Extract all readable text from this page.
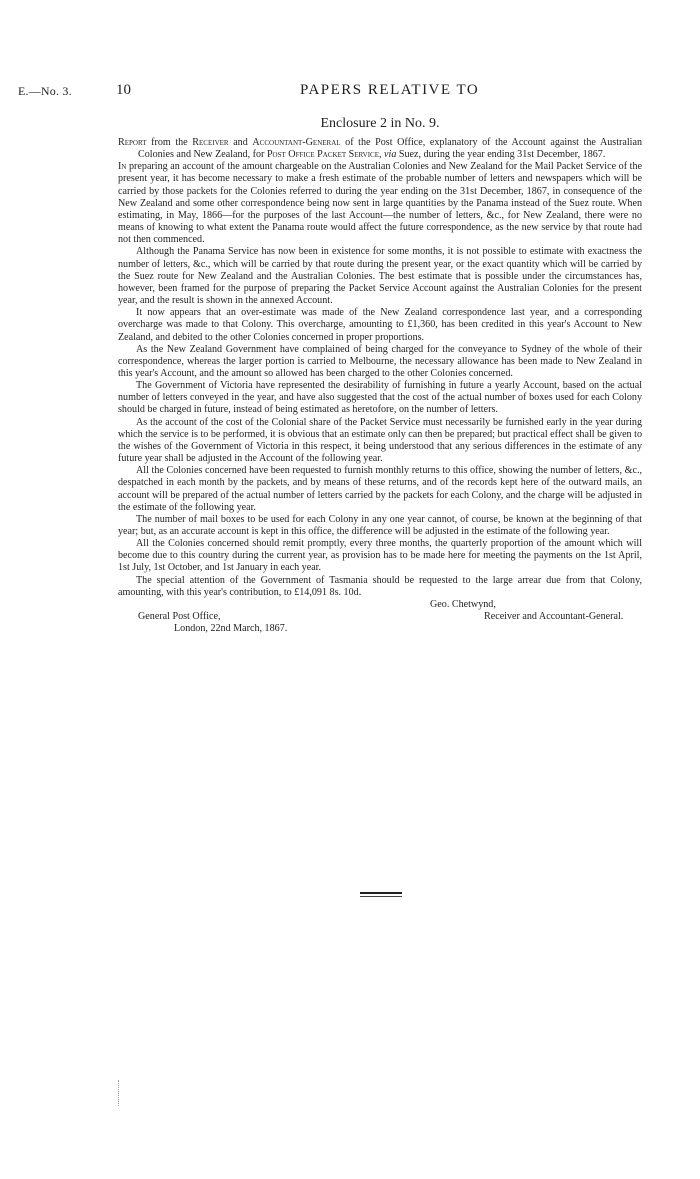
E.—No. 3.	10	PAPERS RELATIVE TO
Enclosure 2 in No. 9.

Report from the Receiver and Accountant-General of the Post Office, explanatory of the Account against the Australian Colonies and New Zealand, for Post Office Packet Service, via Suez, during the year ending 31st December, 1867.

In preparing an account of the amount chargeable on the Australian Colonies and New Zealand for the Mail Packet Service of the present year, it has become necessary to make a fresh estimate of the probable number of letters and newspapers which will be carried by those packets for the Colonies referred to during the year ending on the 31st December, 1867, in consequence of the New Zealand and some other correspondence being now sent in large quantities by the Panama instead of the Suez route. When estimating, in May, 1866—for the purposes of the last Account—the number of letters, &c., for New Zealand, there were no means of knowing to what extent the Panama route would affect the future correspondence, as the new service by that route had not then commenced.

Although the Panama Service has now been in existence for some months, it is not possible to estimate with exactness the number of letters, &c., which will be carried by that route during the present year, or the exact quantity which will be carried by the Suez route for New Zealand and the Australian Colonies. The best estimate that is possible under the circumstances has, however, been framed for the purpose of preparing the Packet Service Account against the Australian Colonies for the present year, and the result is shown in the annexed Account.

It now appears that an over-estimate was made of the New Zealand correspondence last year, and a corresponding overcharge was made to that Colony. This overcharge, amounting to £1,360, has been credited in this year's Account to New Zealand, and debited to the other Colonies concerned in proper proportions.

As the New Zealand Government have complained of being charged for the conveyance to Sydney of the whole of their correspondence, whereas the larger portion is carried to Melbourne, the necessary allowance has been made to New Zealand in this year's Account, and the amount so allowed has been charged to the other Colonies concerned.

The Government of Victoria have represented the desirability of furnishing in future a yearly Account, based on the actual number of letters conveyed in the year, and have also suggested that the cost of the actual number of boxes used for each Colony should be charged in future, instead of being estimated as heretofore, on the number of letters.

As the account of the cost of the Colonial share of the Packet Service must necessarily be furnished early in the year during which the service is to be performed, it is obvious that an estimate only can then be prepared; but practical effect shall be given to the wishes of the Government of Victoria in this respect, it being understood that any serious differences in the estimate of any future year shall be adjusted in the Account of the following year.

All the Colonies concerned have been requested to furnish monthly returns to this office, showing the number of letters, &c., despatched in each month by the packets, and by means of these returns, and of the records kept here of the outward mails, an account will be prepared of the actual number of letters carried by the packets for each Colony, and the charge will be adjusted in the estimate of the following year.

The number of mail boxes to be used for each Colony in any one year cannot, of course, be known at the beginning of that year; but, as an accurate account is kept in this office, the difference will be adjusted in the estimate of the following year.

All the Colonies concerned should remit promptly, every three months, the quarterly proportion of the amount which will become due to this country during the current year, as provision has to be made here for meeting the payments on the 1st April, 1st July, 1st October, and 1st January in each year.

The special attention of the Government of Tasmania should be requested to the large arrear due from that Colony, amounting, with this year's contribution, to £14,091 8s. 10d.

Geo. Chetwynd,

General Post Office,	Receiver and Accountant-General.

London, 22nd March, 1867.
